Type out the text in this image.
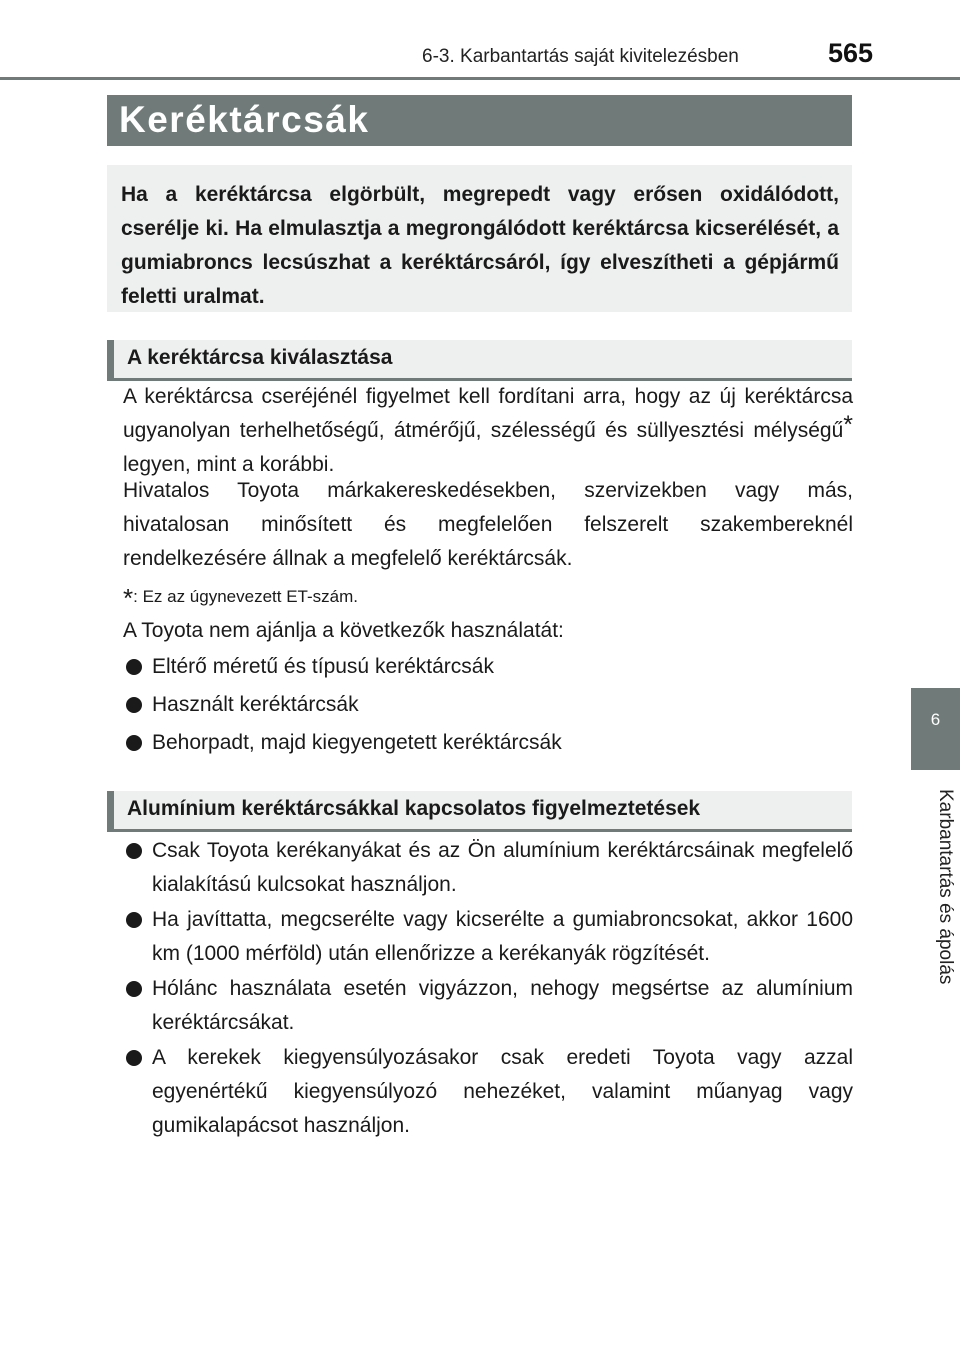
6-3. Karbantartás saját kivitelezésben	565
6
Karbantartás és ápolás
Keréktárcsák

Ha a keréktárcsa elgörbült, megrepedt vagy erősen oxidálódott, cserélje ki. Ha elmulasztja a megrongálódott keréktárcsa kicserélését, a gumiabroncs lecsúszhat a keréktárcsáról, így elveszítheti a gépjármű feletti uralmat.

A keréktárcsa kiválasztása

A keréktárcsa cseréjénél figyelmet kell fordítani arra, hogy az új keréktárcsa ugyanolyan terhelhetőségű, átmérőjű, szélességű és süllyesztési mélységű* legyen, mint a korábbi.

Hivatalos Toyota márkakereskedésekben, szervizekben vagy más, hivatalosan minősített és megfelelően felszerelt szakembereknél rendelkezésére állnak a megfelelő keréktárcsák.

*: Ez az úgynevezett ET-szám.

A Toyota nem ajánlja a következők használatát:

Eltérő méretű és típusú keréktárcsák
Használt keréktárcsák
Behorpadt, majd kiegyengetett keréktárcsák
Alumínium keréktárcsákkal kapcsolatos figyelmeztetések
Csak Toyota kerékanyákat és az Ön alumínium keréktárcsáinak megfelelő kialakítású kulcsokat használjon.
Ha javíttatta, megcserélte vagy kicserélte a gumiabroncsokat, akkor 1600 km (1000 mérföld) után ellenőrizze a kerékanyák rögzítését.
Hólánc használata esetén vigyázzon, nehogy megsértse az alumínium keréktárcsákat.
A kerekek kiegyensúlyozásakor csak eredeti Toyota vagy azzal egyenértékű kiegyensúlyozó nehezéket, valamint műanyag vagy gumikalapácsot használjon.
